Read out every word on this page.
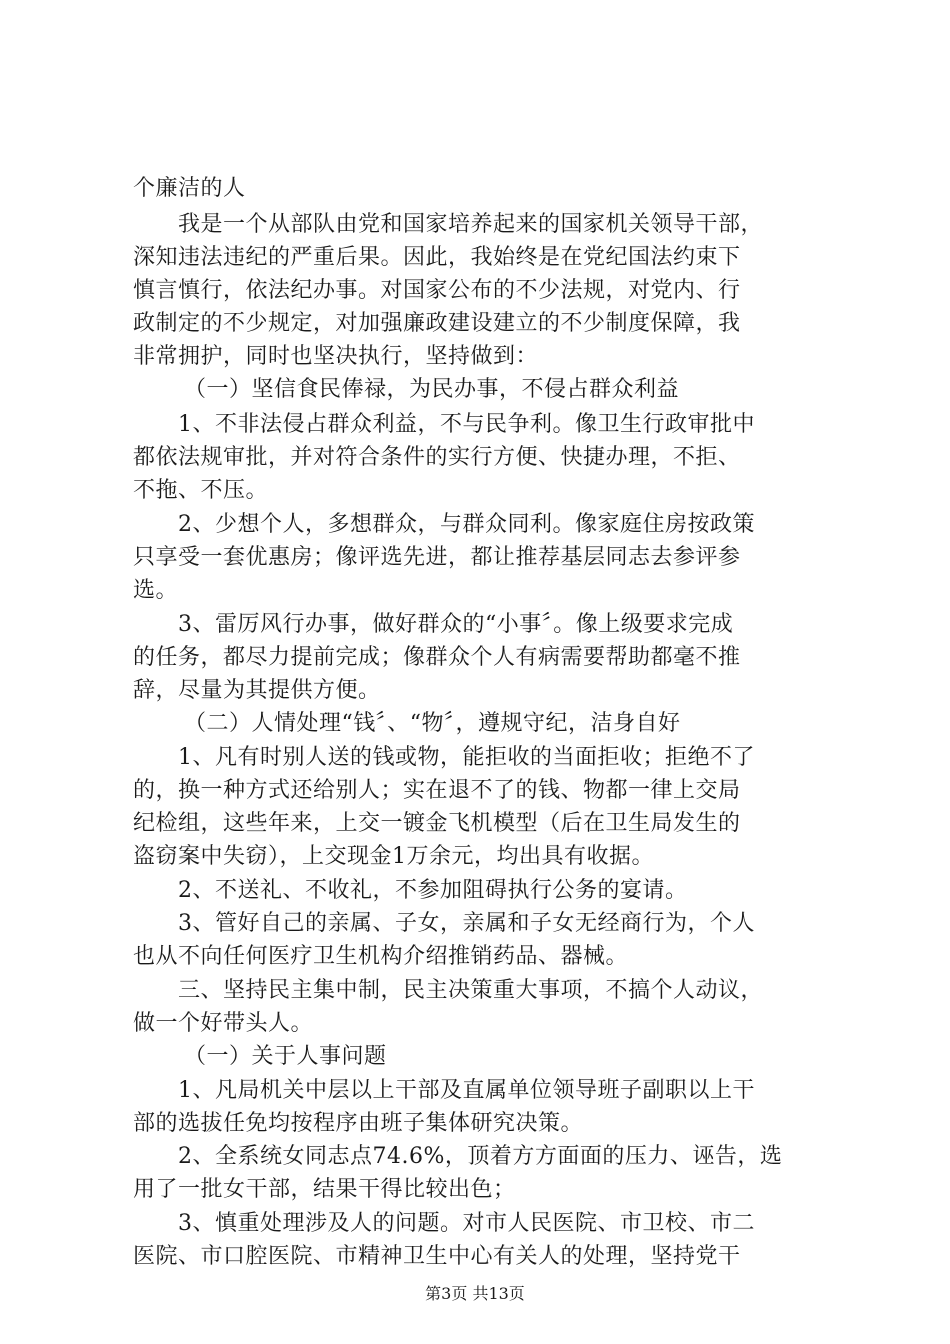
个廉洁的人
　　我是一个从部队由党和国家培养起来的国家机关领导干部，
深知违法违纪的严重后果。因此，我始终是在党纪国法约束下
慎言慎行，依法纪办事。对国家公布的不少法规，对党内、行
政制定的不少规定，对加强廉政建设建立的不少制度保障，我
非常拥护，同时也坚决执行，坚持做到：
　　（一）坚信食民俸禄，为民办事，不侵占群众利益
　　1、不非法侵占群众利益，不与民争利。像卫生行政审批中
都依法规审批，并对符合条件的实行方便、快捷办理，不拒、
不拖、不压。
　　2、少想个人，多想群众，与群众同利。像家庭住房按政策
只享受一套优惠房；像评选先进，都让推荐基层同志去参评参
选。
　　3、雷厉风行办事，做好群众的“小事〞。像上级要求完成
的任务，都尽力提前完成；像群众个人有病需要帮助都毫不推
辞，尽量为其提供方便。
　　（二）人情处理“钱〞、“物〞，遵规守纪，洁身自好
　　1、凡有时别人送的钱或物，能拒收的当面拒收；拒绝不了
的，换一种方式还给别人；实在退不了的钱、物都一律上交局
纪检组，这些年来，上交一镀金飞机模型（后在卫生局发生的
盗窃案中失窃），上交现金1万余元，均出具有收据。
　　2、不送礼、不收礼，不参加阻碍执行公务的宴请。
　　3、管好自己的亲属、子女，亲属和子女无经商行为，个人
也从不向任何医疗卫生机构介绍推销药品、器械。
　　三、坚持民主集中制，民主决策重大事项，不搞个人动议，
做一个好带头人。
　　（一）关于人事问题
　　1、凡局机关中层以上干部及直属单位领导班子副职以上干
部的选拔任免均按程序由班子集体研究决策。
　　2、全系统女同志点74.6%，顶着方方面面的压力、诬告，选
用了一批女干部，结果干得比较出色；
　　3、慎重处理涉及人的问题。对市人民医院、市卫校、市二
医院、市口腔医院、市精神卫生中心有关人的处理，坚持党干
第3页 共13页
